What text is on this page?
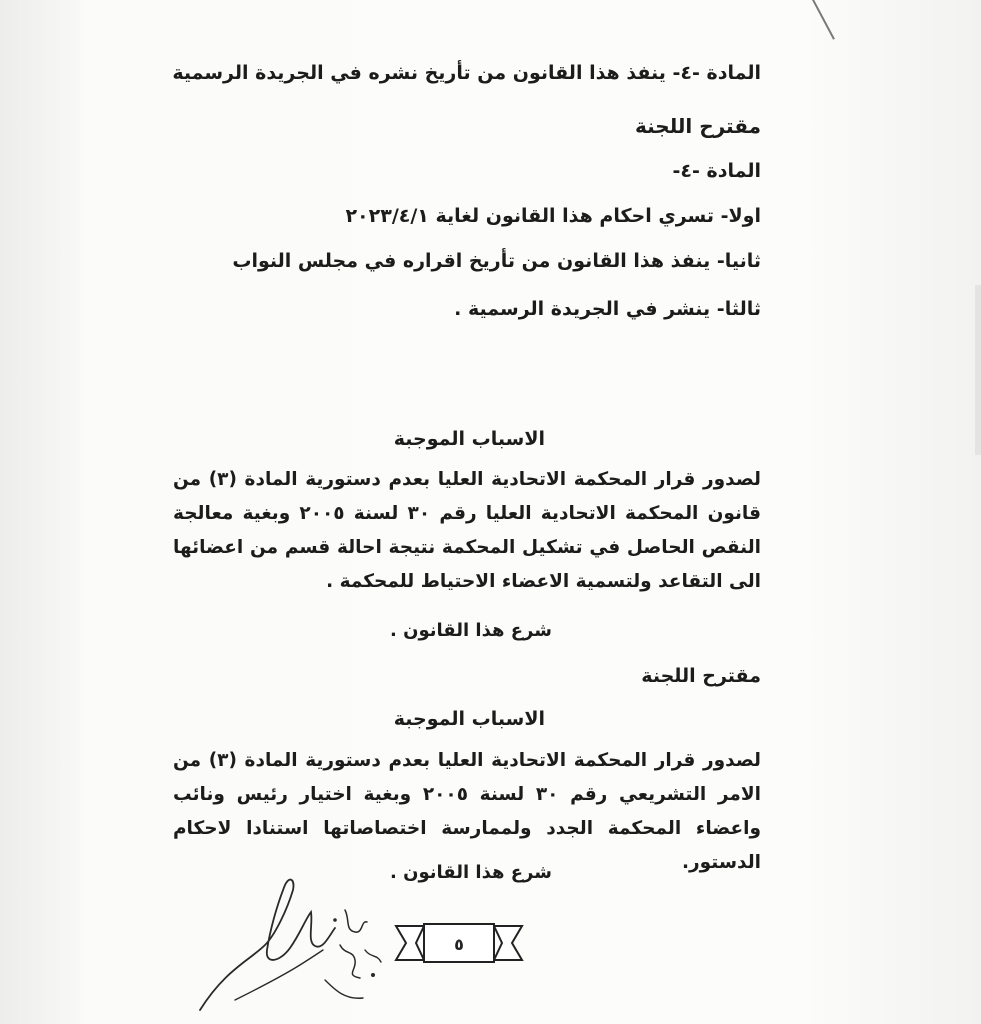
المادة -٤- ينفذ هذا القانون من تأريخ نشره في الجريدة الرسمية
مقترح اللجنة
المادة -٤-
اولا- تسري احكام هذا القانون لغاية ٢٠٢٣/٤/١
ثانيا- ينفذ هذا القانون من تأريخ اقراره في مجلس النواب
ثالثا- ينشر في الجريدة الرسمية .
الاسباب الموجبة
لصدور قرار المحكمة الاتحادية العليا بعدم دستورية المادة (٣) من قانون المحكمة الاتحادية العليا رقم ٣٠ لسنة ٢٠٠٥ وبغية معالجة النقص الحاصل في تشكيل المحكمة نتيجة احالة قسم من اعضائها الى التقاعد ولتسمية الاعضاء الاحتياط للمحكمة .
شرع هذا القانون .
مقترح اللجنة
الاسباب الموجبة
لصدور قرار المحكمة الاتحادية العليا بعدم دستورية المادة (٣) من الامر التشريعي رقم ٣٠ لسنة ٢٠٠٥ وبغية اختيار رئيس ونائب واعضاء المحكمة الجدد ولممارسة اختصاصاتها استنادا لاحكام الدستور.
شرع هذا القانون .
٥
